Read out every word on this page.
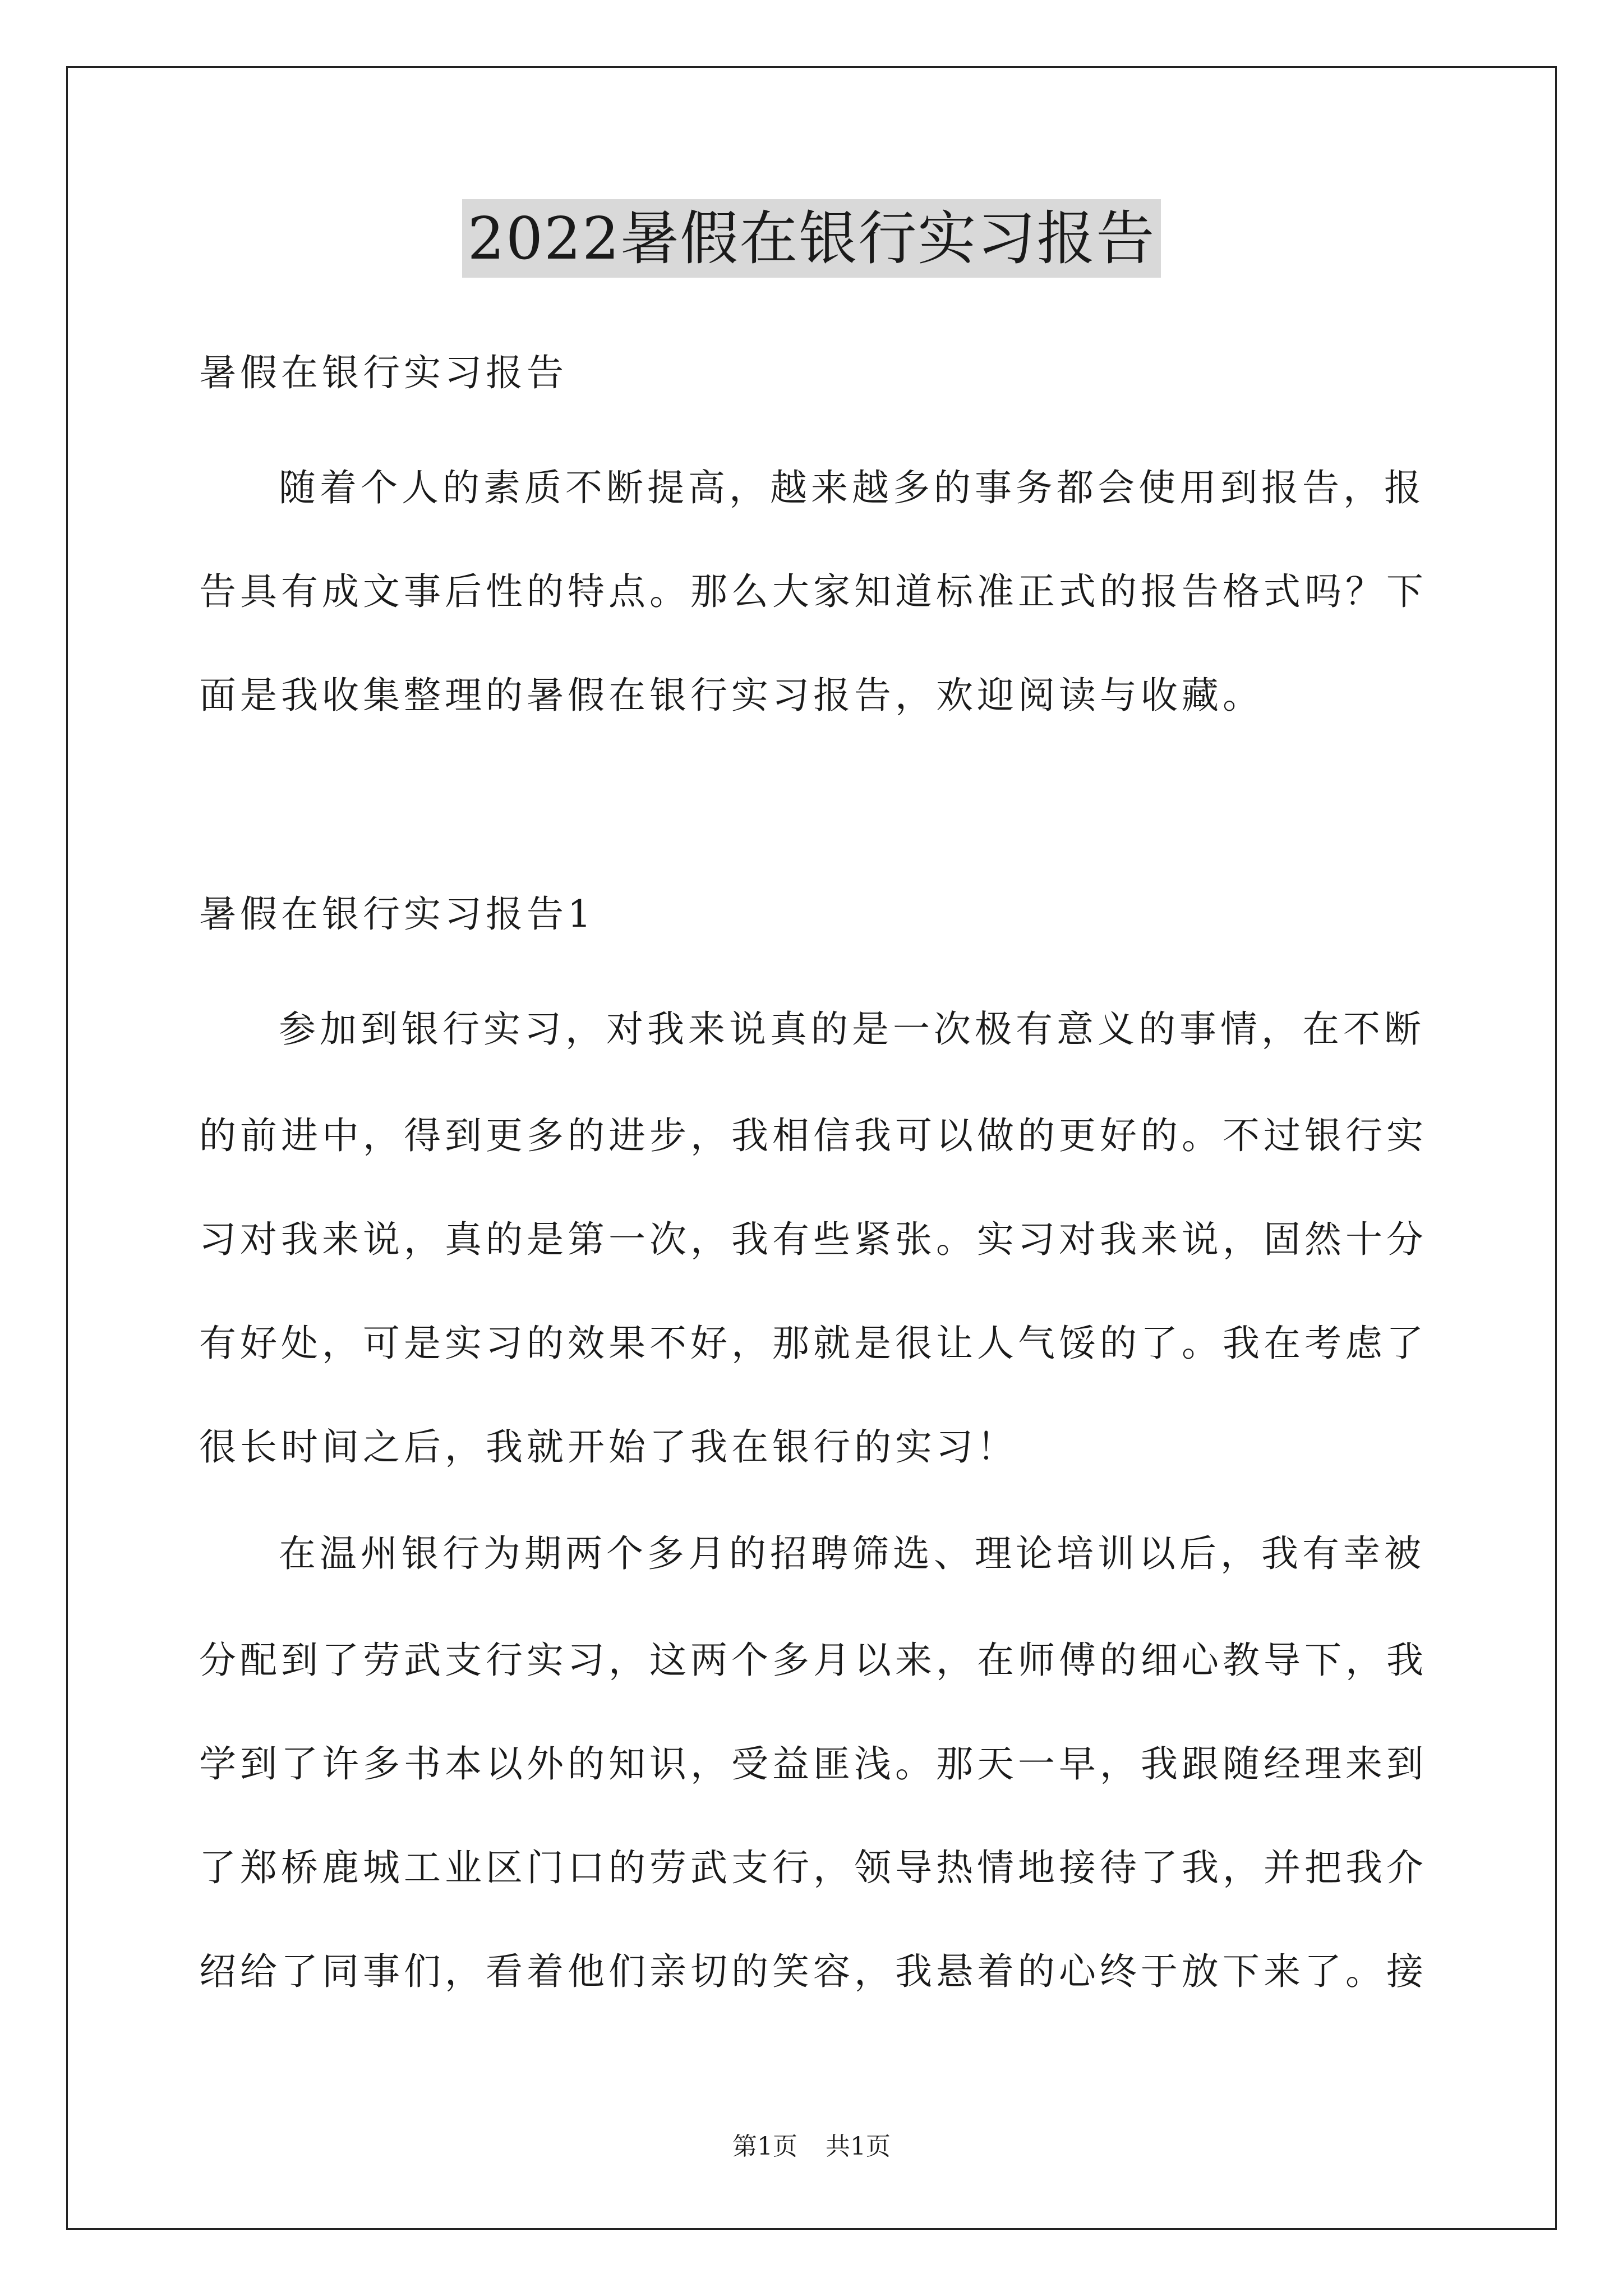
2022暑假在银行实习报告
暑假在银行实习报告
随着个人的素质不断提高，越来越多的事务都会使用到报告，报
告具有成文事后性的特点。那么大家知道标准正式的报告格式吗？下
面是我收集整理的暑假在银行实习报告，欢迎阅读与收藏。
暑假在银行实习报告1
参加到银行实习，对我来说真的是一次极有意义的事情，在不断
的前进中，得到更多的进步，我相信我可以做的更好的。不过银行实
习对我来说，真的是第一次，我有些紧张。实习对我来说，固然十分
有好处，可是实习的效果不好，那就是很让人气馁的了。我在考虑了
很长时间之后，我就开始了我在银行的实习！
在温州银行为期两个多月的招聘筛选、理论培训以后，我有幸被
分配到了劳武支行实习，这两个多月以来，在师傅的细心教导下，我
学到了许多书本以外的知识，受益匪浅。那天一早，我跟随经理来到
了郑桥鹿城工业区门口的劳武支行，领导热情地接待了我，并把我介
绍给了同事们，看着他们亲切的笑容，我悬着的心终于放下来了。接
第1页 共1页
